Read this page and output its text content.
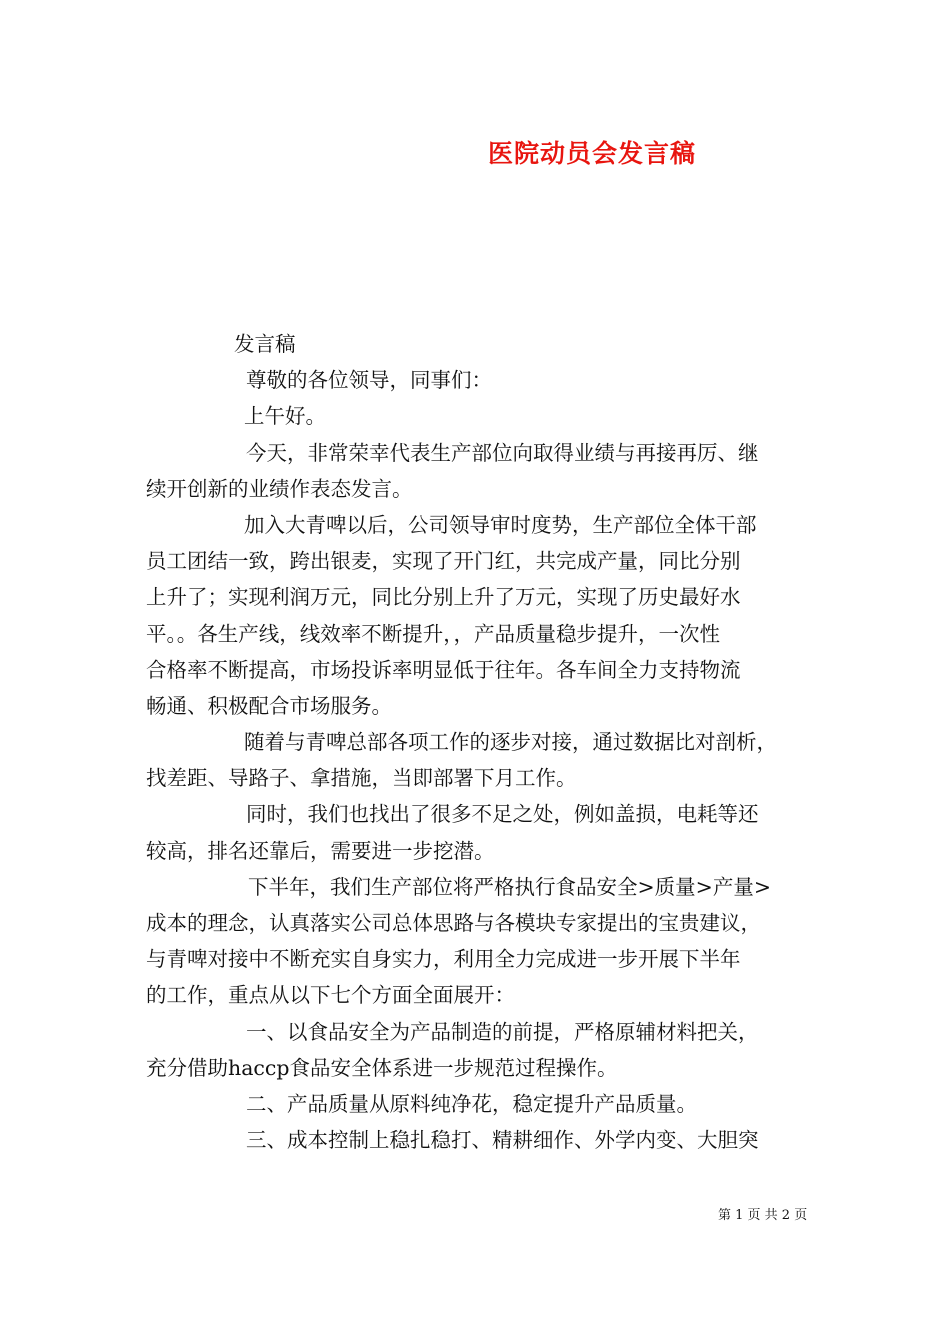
医院动员会发言稿
发言稿
尊敬的各位领导，同事们：
上午好。
今天，非常荣幸代表生产部位向取得业绩与再接再厉、继
续开创新的业绩作表态发言。
加入大青啤以后，公司领导审时度势，生产部位全体干部
员工团结一致，跨出银麦，实现了开门红，共完成产量，同比分别
上升了；实现利润万元，同比分别上升了万元，实现了历史最好水
平。。各生产线，线效率不断提升，，产品质量稳步提升，一次性
合格率不断提高，市场投诉率明显低于往年。各车间全力支持物流
畅通、积极配合市场服务。
随着与青啤总部各项工作的逐步对接，通过数据比对剖析，
找差距、导路子、拿措施，当即部署下月工作。
同时，我们也找出了很多不足之处，例如盖损，电耗等还
较高，排名还靠后，需要进一步挖潜。
下半年，我们生产部位将严格执行食品安全>质量>产量>
成本的理念，认真落实公司总体思路与各模块专家提出的宝贵建议，
与青啤对接中不断充实自身实力，利用全力完成进一步开展下半年
的工作，重点从以下七个方面全面展开：
一、以食品安全为产品制造的前提，严格原辅材料把关，
充分借助haccp食品安全体系进一步规范过程操作。
二、产品质量从原料纯净花，稳定提升产品质量。
三、成本控制上稳扎稳打、精耕细作、外学内变、大胆突
第 1 页 共 2 页
